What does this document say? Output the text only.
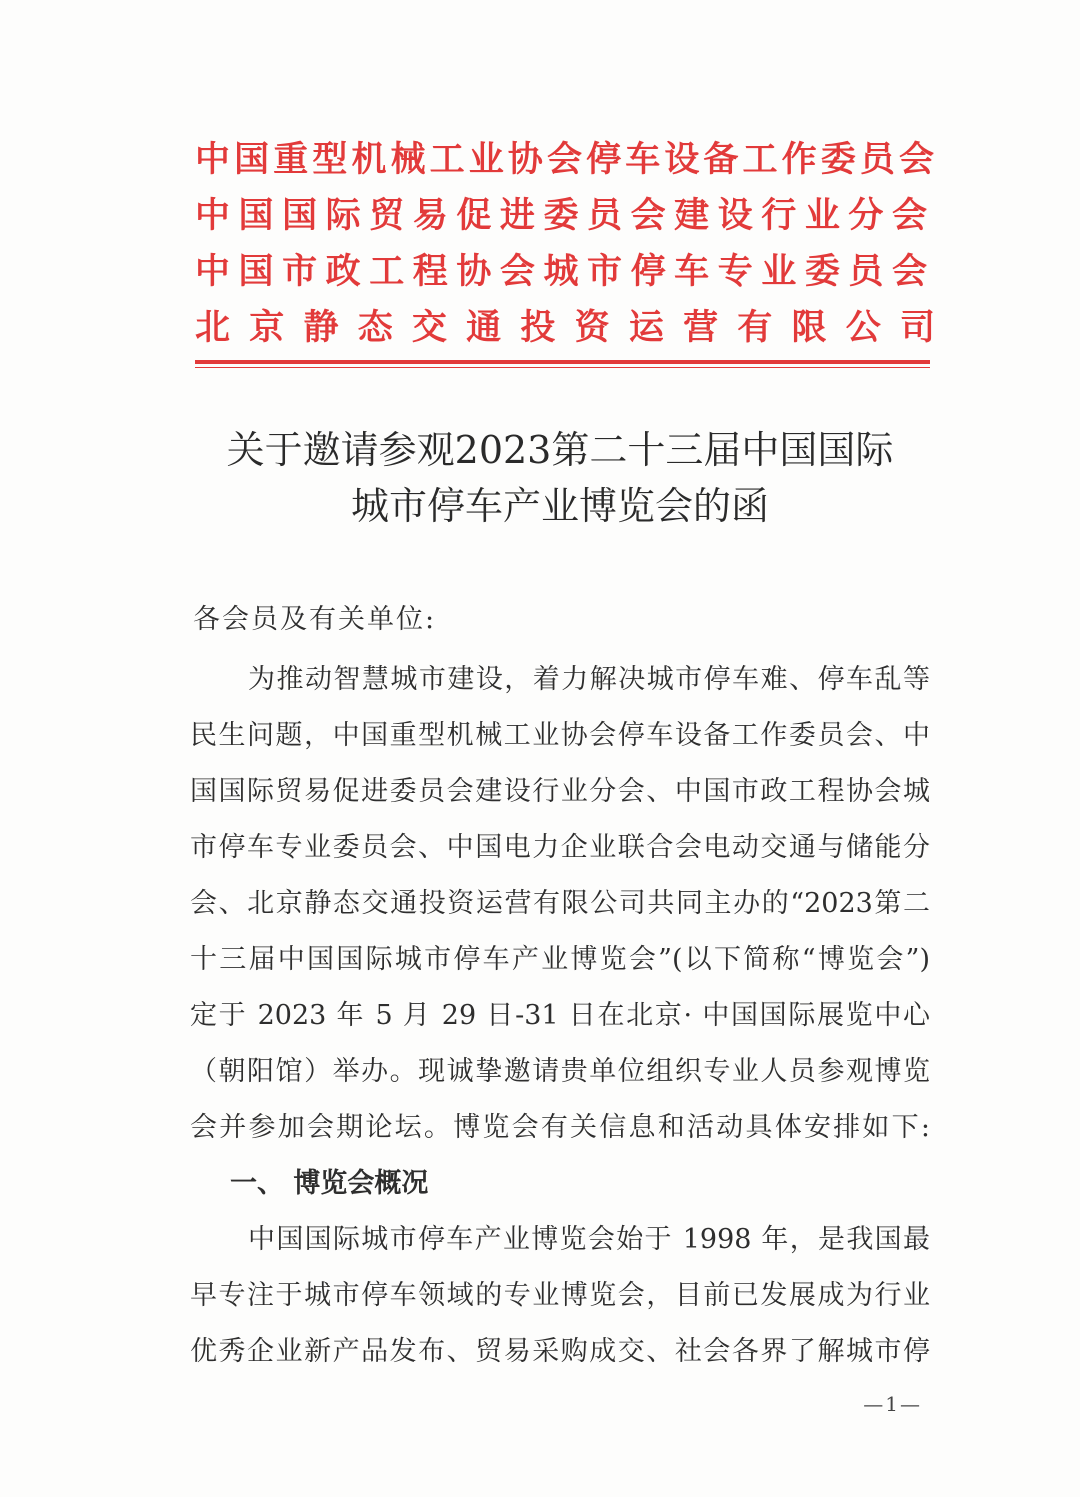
中国重型机械工业协会停车设备工作委员会
中国国际贸易促进委员会建设行业分会
中国市政工程协会城市停车专业委员会
北京静态交通投资运营有限公司
关于邀请参观2023第二十三届中国国际
城市停车产业博览会的函
各会员及有关单位:
为推动智慧城市建设，着力解决城市停车难、停车乱等
民生问题，中国重型机械工业协会停车设备工作委员会、中
国国际贸易促进委员会建设行业分会、中国市政工程协会城
市停车专业委员会、中国电力企业联合会电动交通与储能分
会、北京静态交通投资运营有限公司共同主办的“2023第二
十三届中国国际城市停车产业博览会”(以下简称“博览会”)
定于 2023 年 5 月 29 日-31 日在北京· 中国国际展览中心
（朝阳馆）举办。现诚挚邀请贵单位组织专业人员参观博览
会并参加会期论坛。博览会有关信息和活动具体安排如下:
一、 博览会概况
中国国际城市停车产业博览会始于 1998 年，是我国最
早专注于城市停车领域的专业博览会，目前已发展成为行业
优秀企业新产品发布、贸易采购成交、社会各界了解城市停
—1—
